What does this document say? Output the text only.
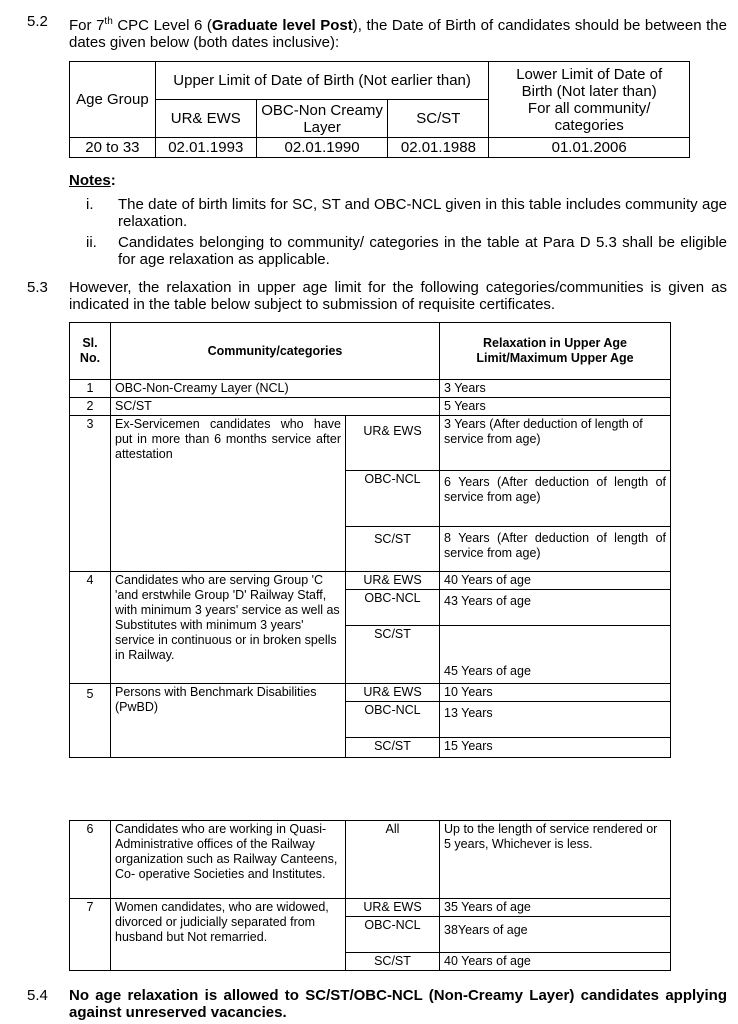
5.2 For 7th CPC Level 6 (Graduate level Post), the Date of Birth of candidates should be between the dates given below (both dates inclusive):
Age Group	Upper Limit of Date of Birth (Not earlier than)			Lower Limit of Date of Birth (Not later than)
For all community/ categories
	UR& EWS	OBC-Non Creamy Layer	SC/ST	
20 to 33	02.01.1993	02.01.1990	02.01.1988	01.01.2006
Notes:
i. The date of birth limits for SC, ST and OBC-NCL given in this table includes community age relaxation.
ii. Candidates belonging to community/ categories in the table at Para D 5.3 shall be eligible for age relaxation as applicable.
5.3 However, the relaxation in upper age limit for the following categories/communities is given as indicated in the table below subject to submission of requisite certificates.
Sl. No.	Community/categories		Relaxation in Upper Age Limit/Maximum Upper Age
1	OBC-Non-Creamy Layer (NCL)		3 Years
2	SC/ST		5 Years
3	Ex-Servicemen candidates who have put in more than 6 months service after attestation	UR& EWS	3 Years (After deduction of length of service from age)
		OBC-NCL	6 Years (After deduction of length of service from age)
		SC/ST	8 Years (After deduction of length of service from age)
4	Candidates who are serving Group 'C 'and erstwhile Group 'D' Railway Staff, with minimum 3 years' service as well as Substitutes with minimum 3 years' service in continuous or in broken spells in Railway.	UR& EWS	40 Years of age
		OBC-NCL	43 Years of age
		SC/ST	45 Years of age
5	Persons with Benchmark Disabilities (PwBD)	UR& EWS	10 Years
		OBC-NCL	13 Years
		SC/ST	15 Years
6	Candidates who are working in Quasi-Administrative offices of the Railway organization such as Railway Canteens, Co- operative Societies and Institutes.	All	Up to the length of service rendered or 5 years, Whichever is less.
7	Women candidates, who are widowed, divorced or judicially separated from husband but Not remarried.	UR& EWS	35 Years of age
		OBC-NCL	38Years of age
		SC/ST	40 Years of age
5.4 No age relaxation is allowed to SC/ST/OBC-NCL (Non-Creamy Layer) candidates applying against unreserved vacancies.
